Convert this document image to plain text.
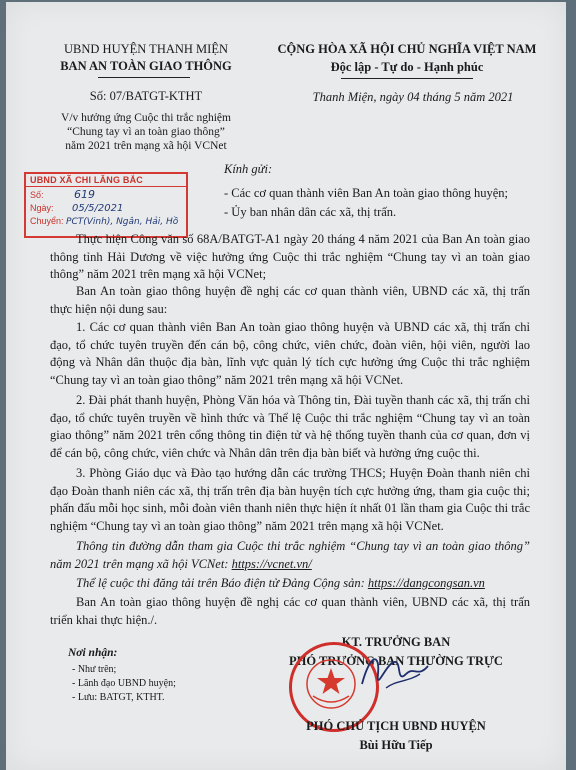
UBND HUYỆN THANH MIỆN
BAN AN TOÀN GIAO THÔNG
Số: 07/BATGT-KTHT
V/v hưởng ứng Cuộc thi trắc nghiệm
“Chung tay vì an toàn giao thông”
năm 2021 trên mạng xã hội VCNet
CỘNG HÒA XÃ HỘI CHỦ NGHĨA VIỆT NAM
Độc lập - Tự do - Hạnh phúc
Thanh Miện, ngày 04 tháng 5 năm 2021
UBND XÃ CHI LĂNG BẮC
Số:	619
Ngày: 05/5/2021
Chuyển: PCT(Vinh), Ngân, Hải, Hồ
Kính gửi:
- Các cơ quan thành viên Ban An toàn giao thông huyện;
- Ủy ban nhân dân các xã, thị trấn.
Thực hiện Công văn số 68A/BATGT-A1 ngày 20 tháng 4 năm 2021 của Ban An toàn giao thông tỉnh Hải Dương về việc hưởng ứng Cuộc thi trắc nghiệm “Chung tay vì an toàn giao thông” năm 2021 trên mạng xã hội VCNet;
Ban An toàn giao thông huyện đề nghị các cơ quan thành viên, UBND các xã, thị trấn thực hiện nội dung sau:
1. Các cơ quan thành viên Ban An toàn giao thông huyện và UBND các xã, thị trấn chỉ đạo, tổ chức tuyên truyền đến cán bộ, công chức, viên chức, đoàn viên, hội viên, người lao động và Nhân dân thuộc địa bàn, lĩnh vực quản lý tích cực hưởng ứng Cuộc thi trắc nghiệm “Chung tay vì an toàn giao thông” năm 2021 trên mạng xã hội VCNet.
2. Đài phát thanh huyện, Phòng Văn hóa và Thông tin, Đài tuyền thanh các xã, thị trấn chỉ đạo, tổ chức tuyên truyền về hình thức và Thể lệ Cuộc thi trắc nghiệm “Chung tay vì an toàn giao thông” năm 2021 trên cổng thông tin điện tử và hệ thống tuyền thanh của cơ quan, đơn vị để cán bộ, công chức, viên chức và Nhân dân trên địa bàn biết và hưởng ứng cuộc thi.
3. Phòng Giáo dục và Đào tạo hướng dẫn các trường THCS; Huyện Đoàn thanh niên chỉ đạo Đoàn thanh niên các xã, thị trấn trên địa bàn huyện tích cực hưởng ứng, tham gia cuộc thi; phấn đấu mỗi học sinh, mỗi đoàn viên thanh niên thực hiện ít nhất 01 lần tham gia Cuộc thi trắc nghiệm “Chung tay vì an toàn giao thông” năm 2021 trên mạng xã hội VCNet.
Thông tin đường dẫn tham gia Cuộc thi trắc nghiệm “Chung tay vì an toàn giao thông” năm 2021 trên mạng xã hội VCNet: https://vcnet.vn/
Thể lệ cuộc thi đăng tải trên Báo điện tử Đảng Cộng sản: https://dangcongsan.vn
Ban An toàn giao thông huyện đề nghị các cơ quan thành viên, UBND các xã, thị trấn triển khai thực hiện./.
Nơi nhận:
- Như trên;
- Lãnh đạo UBND huyện;
- Lưu: BATGT, KTHT.
KT. TRƯỞNG BAN
PHÓ TRƯỞNG BAN THƯỜNG TRỰC
PHÓ CHỦ TỊCH UBND HUYỆN
Bùi Hữu Tiếp
